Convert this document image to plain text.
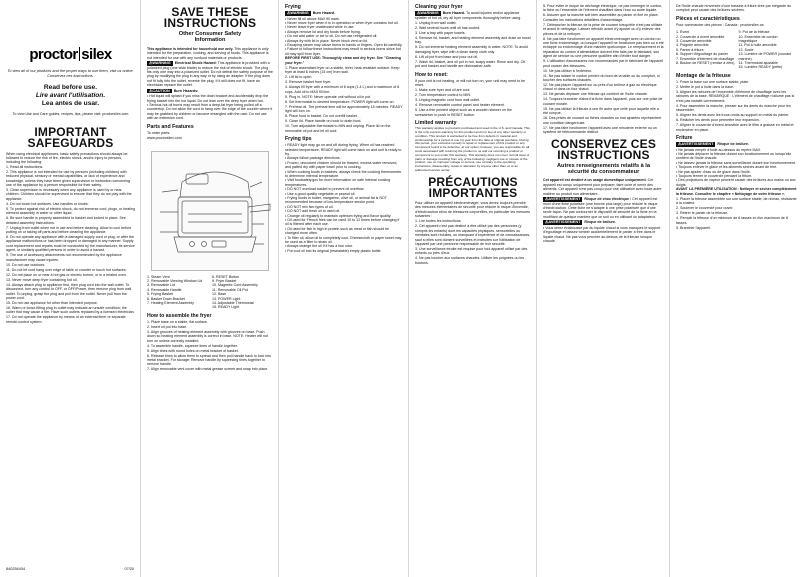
proctor silex
To view all of our products and the proper ways to use them, visit us online. Conservez ces instructions.
Read before use.
Lire avant l'utilisation.
Lea antes de usar.
To view Use and Care guides, recipes, tips, please visit: proctorsilex.com
IMPORTANT
SAFEGUARDS
When using electrical appliances, basic safety precautions should always be followed to reduce the risk of fire, electric shock, and/or injury to persons, including the following:
1. Read all instructions.
2. This appliance is not intended for use by persons (including children) with reduced physical, sensory or mental capabilities, or lack of experience and knowledge, unless they have been given supervision or instruction concerning use of the appliance by a person responsible for their safety.
3. Close supervision is necessary when any appliance is used by or near children. Children should be supervised to ensure that they do not play with the appliance.
4. Do not touch hot surfaces. Use handles or knobs.
5. To protect against risk of electric shock, do not immerse cord, plugs, or heating element assembly in water or other liquid.
6. Be sure handle is properly assembled to basket and locked in place. See detailed assembly instructions.
7. Unplug from outlet when not in use and before cleaning. Allow to cool before putting on or taking off parts and before cleaning the appliance.
8. Do not operate any appliance with a damaged supply cord or plug, or after the appliance malfunctions or has been dropped or damaged in any manner. Supply cord replacement and repairs must be conducted by the manufacturer, its service agent, or similarly qualified persons in order to avoid a hazard.
9. The use of accessory attachments not recommended by the appliance manufacturer may cause injuries.
10. Do not use outdoors.
11. Do not let cord hang over edge of table or counter or touch hot surfaces.
12. Do not place on or near a hot gas or electric burner, or in a heated oven.
13. Never move deep fryer containing hot oil.
14. Always attach plug to appliance first, then plug cord into the wall outlet. To disconnect, turn any control to OFF, or OFF/Power, then remove plug from wall outlet. To unplug, grasp the plug and pull from the outlet. Never pull from the power cord.
15. Do not use appliance for other than intended purpose.
16. Warm or loose-fitting plug in outlet may indicate an unsafe condition; the outlet that may cause a fire. Have such outlets replaced by a licensed electrician.
17. Do not operate the appliance by means of an external timer or separate remote-control system.
840254404	07/20
SAVE THESE
INSTRUCTIONS
Other Consumer Safety
Information

This appliance is intended for household use only. This appliance is only intended for the preparation, cooking, and serving of foods. This appliance is not intended for use with any nonfood materials or products.

⚠ WARNING Electrical Shock Hazard: This appliance is provided with a polarized plug (one wide blade) to reduce the risk of electric shock. The plug fits only one way into a polarized outlet. Do not defeat the safety purpose of the plug by modifying the plug in any way or by using an adapter. If the plug does not fit fully into the outlet, reverse the plug. If it still does not fit, have an electrician replace the outlet.

⚠ CAUTION Burn Hazards:

• Hot liquid will splash if you miss the drain bracket and accidentally drop the frying basket into the hot liquid. Do not lean over the deep fryer when hot.
• Serious hot-oil burns may result from a deep-fat fryer being pulled off a countertop. Do not allow the cord to hang over the edge of the counter where it may be grabbed by children or become entangled with the user. Do not use with an extension cord.
Parts and Features

To order parts:

www.proctorsilex.com

1. Steam Vent
2. Removable Viewing Window Lid
3. Removable Lid
4. Removable Handle
5. Frying Basket
6. Basket Drain Bracket
7. Heating Element Assembly
8. RESET Button
9. Fryer Basket
10. Magnetic Cord Assembly
11. Removable Oil Pot
12. Base
13. POWER Light
14. Adjustable Thermostat
15. READY Light
How to assemble the fryer
1. Place base on a stable, flat surface.
2. Insert oil pot into base.
3. Align grooves of heating element assembly with grooves on base. Push down so heating element assembly is correct in base. NOTE: Heater will not turn on unless correctly installed.
4. To assemble handle, squeeze tines of handle together.
5. Align tines with round holes on metal bracket of basket.
6. Release tines to allow them to spread and then pull handle back to lock into metal bracket. For storage: Remove handle by squeezing tines together to remove handle.
7. Align removable vent cover with metal grease screen and snap into place.
Frying

⚠ WARNING Burn Hazard.

• Never fill oil above MAX fill mark.
• Never move fryer when it is in operation or when fryer contains hot oil.
• Never leave fryer unattended while in use.
• Always remove lid and dry foods before frying.
• Do not add water or ice to oil. Do not use refrigerated oil.
• Always fry with lid in place. Never block vent on lid.
• Escaping steam may cause burns to hands or fingers. Open lid carefully.
• Failure to follow these instructions may result in serious burns since hot oil may spill from fryer.

BEFORE FIRST USE: Thoroughly clean and dry fryer. See "Cleaning your fryer."

1. Place assembled fryer on a stable, level, heat-resistant surface. Keep fryer at least 6 inches (15 cm) from wall.
2. Lift lid to open.
3. Remove basket from fryer.
4. Always fill fryer with a minimum of 6 cups (1.4 L) and a maximum of 8 cups. Add oil to MAX fill line.
5. Plug in. NOTE: Never operate unit without oil in pot.
6. Set thermostat to desired temperature. POWER light will come on.
7. Preheat oil. The preheat time will be approximately 15 minutes. READY light will turn on.
8. Place food in basket. Do not overfill basket.
9. Close lid. Place handle on hook to drain food.
10. Turn adjustable thermostat to MIN and unplug. Place lid on the removable oil pot and let oil cool.
Frying tips
• READY light may go on and off during frying. When oil has reached selected temperature, READY light will come back on and unit is ready to fry.
• Always follow package directions.
• Frozen, uncooked chicken should be thawed, excess water removed, and patted dry with paper towel prior to cooking.
• When cooking foods in batches, always check the cooking thermometer to determine internal temperature.
• Visit foodsafety.gov for more information on safe internal cooking temperatures.
• DO NOT overload basket to prevent oil overflow.
• Use a good quality vegetable or peanut oil.
• Frying foods in butter, margarine, olive oil, or animal fat is NOT recommended because of low-temperature smoke point.
• DO NOT mix two types of oil.
• DO NOT add fresh oil to used oil.
• Change oil regularly to maintain optimum frying and flavor quality.
• Oil used for French fries can be used 10 to 12 times before changing if oil is filtered after each use.
• Oil used for fish is high in protein such as meat or fish should be changed more often.
• To filter oil, allow oil to completely cool. Cheesecloth or paper towel may be used as a filter to strain oil.
• Always change the oil if it has a foul odor.
• Put cool oil into its original (resealable) empty plastic bottle.
Cleaning your fryer

⚠ WARNING Burn Hazard. To avoid injuries and/or appliance splatter of hot oil, dry all fryer components thoroughly before using.

1. Unplug from wall outlet.
2. Wait several hours until oil has cooled.
3. Line a tray with paper towels.
4. Remove lid, basket, and heating element assembly and drain on towel tray.
5. Do not immerse heating element assembly in water. NOTE: To avoid damaging fryer, wipe with a clean damp cloth only.
6. Lift oil pot from base and pour out oil.
7. Wash lid, basket, and oil pot in hot, soapy water. Rinse and dry. Oil pot and basket and handle are dishwasher-safe.
How to reset:

If your unit is not heating, or will not turn on, your unit may need to be reset.

1. Make sure fryer and oil are cool.
2. Turn temperature control to MIN.
3. Unplug magnetic cord from wall outlet.
4. Remove removable control panel and heater element.
5. Use a thin pointed object such as a wooden skewer on the screwdriver to push in RESET button.
Limited warranty

This warranty applies to products purchased and used in the U.S. and Canada. This is the only express warranty for this product and is in lieu of any other warranty or condition. This product is warranted to be free from defects in material and workmanship for a period of one (1) year from the date of original purchase. During this period, your exclusive remedy is repair or replacement of this product or any component found to be defective, at our option; however, you are responsible for all costs associated with returning the product to us and our returning a product or component to you under this warranty. This warranty does not cover normal wear of parts or damage resulting from any of the following: negligent use or misuse of the product, use on improper voltage or current, use contrary to the operating instructions, disassembly, repair or alteration by anyone other than us or an authorized service center.

PRÉCAUTIONS
IMPORTANTES

Pour utiliser un appareil électroménager, vous devez toujours prendre des mesures élémentaires de sécurité pour réduire le risque d'incendie, d'électrocution et/ou de blessures corporelles, en particulier les mesures suivantes :

1. Lire toutes les instructions.
2. Cet appareil n'est pas destiné à être utilisé par des personnes (y compris les enfants) dont les capacités physiques, sensorielles ou mentales sont réduites, ou manquant d'expérience et de connaissances, sauf si elles sont dûment surveillées et instruites sur l'utilisation de l'appareil par une personne responsable de leur sécurité.
3. Une surveillance étroite est requise pour tout appareil utilisé par des enfants ou près d'eux.
4. Ne pas toucher aux surfaces chaudes. Utiliser les poignées ou les boutons.
5. Pour éviter le risque de décharge électrique, ne pas immerger le cordon, la fiche ou l'ensemble de l'élément chauffant dans l'eau ou autre liquide.
6. Assurer que la manche soit bien assemblée au panier et fixé en place. Consulter les instructions détaillées d'assemblage.
7. Débrancher la friteuse de la prise de courant lorsqu'elle n'est pas utilisée et avant le nettoyage. Laisser refroidir avant d'y ajouter ou d'y enlever des pièces et de la nettoyer.
8. Ne pas faire fonctionner un appareil électroménager avec un cordon ou une fiche endommagé, ou lorsque l'appareil ne fonctionne pas bien ou a été échappé ou endommagé d'une manière quelconque. Le remplacement et la réparation du cordon d'alimentation doivent être faits par le fabricant, son agent de service ou une personne qualifiée afin d'éviter tout danger.
9. L'utilisation d'accessoires non recommandés par le fabricant de l'appareil peut causer des blessures.
10. Ne pas utiliser à l'extérieur.
11. Ne pas laisser le cordon pendre du bord de la table ou du comptoir, ni toucher des surfaces chaudes.
12. Ne pas placer l'appareil sur ou près d'un brûleur à gaz ou électrique chaud ni dans un four chaud.
13. Ne jamais déplacer une friteuse qui contient de l'huile chaude.
14. Toujours brancher d'abord la fiche dans l'appareil, puis sur une prise de courant murale.
15. Ne pas utiliser la friteuse à une fin autre que celle pour laquelle elle a été conçue.
16. Des prises de courant ou fiches chaudes ou mal ajustées représentent une condition dangereuse.
17. Ne pas faire fonctionner l'appareil avec une minuterie externe ou un système de télécommande distinct.
CONSERVEZ CES
INSTRUCTIONS
Autres renseignements relatifs à la
sécurité du consommateur

Cet appareil est destiné à un usage domestique uniquement. Cet appareil est conçu uniquement pour préparer, faire cuire et servir des aliments. Cet appareil n'est pas conçu pour une utilisation avec toute autre matière ou produit non alimentaire.

⚠ AVERTISSEMENT Risque de choc électrique : Cet appareil est muni d'une fiche polarisée (une broche plus large) pour réduire le risque d'électrocution. Cette fiche ne s'adapte à une prise polarisée que d'une seule façon. Ne pas contourner le dispositif de sécurité de la fiche en la modifiant de quelque manière que ce soit ou en utilisant un adaptateur.

⚠ AVERTISSEMENT Risque de brûlure.

• Vous serez éclaboussé par du liquide chaud si vous manquez le support d'égouttage et laissez tomber accidentellement le panier à frire dans le liquide chaud. Ne pas vous pencher au-dessus de la friteuse lorsque chaude.

De l'huile chaude renversée d'une bassine à friture tirée par mégarde du comptoir peut causer des brûlures sévères.

Pièces et caractéristiques

Pour commander des pièces : Canada : proctorsilex.ca

1. Évent
2. Couvercle à évent amovible
3. Couvercle amovible
4. Poignée amovible
5. Panier à friture
6. Support d'égouttage du panier
7. Ensemble d'élément de chauffage
8. Bouton de RESET (remise à zéro)
9. Pot de la friteuse
10. Ensemble de cordon magnétique
11. Pot à huile amovible
12. Socle
13. Lumière de POWER (courant marche)
14. Thermostat ajustable
15. Lumière READY (prête)
Montage de la friteuse
1. Poser la base sur une surface stable, plate.
2. Mettre le pot à huile dans la base.
3. Aligner les rainures de l'ensemble d'élément de chauffage avec les rainures de la base. REMARQUE : L'élément de chauffage n'allume pas si n'est pas installé correctement.
4. Pour assembler la manche, presser sur les dents du manche pour les rassembler.
5. Aligner les dents avec les trous ronds au support en métal du panier.
6. Relâcher les dents pour permettre leur expansion.
7. Aligner le couvercle d'évent amovible avec le filtre à graisse en métal et enclencher en place.
Friture

⚠ AVERTISSEMENT Risque de brûlure.

• Ne jamais remplir d'huile au-dessus du repère MAX.
• Ne jamais déplacer la friteuse durant son fonctionnement ou lorsqu'elle contient de l'huile chaude.
• Ne laissez jamais la friteuse sans surveillance durant son fonctionnement.
• Toujours enlever le glace et les aliments séchés avant de frire.
• Ne pas ajouter d'eau ou de glace dans l'huile.
• Toujours fermer le couvercle pendant la friture.
• Des projections de vapeur peuvent causer des brûlures aux mains ou aux doigts.

AVANT LA PREMIÈRE UTILISATION : Nettoyer et sécher complètement la friteuse. Consulter le chapitre « Nettoyage de votre friteuse ».

1. Placer la friteuse assemblée sur une surface stable, de niveau, résistante à la chaleur.
2. Soulever le couvercle pour ouvrir.
3. Retirer le panier de la friteuse.
4. Remplir la friteuse d'un minimum de 6 tasses et d'un maximum de 8 tasses.
5. Brancher l'appareil.
